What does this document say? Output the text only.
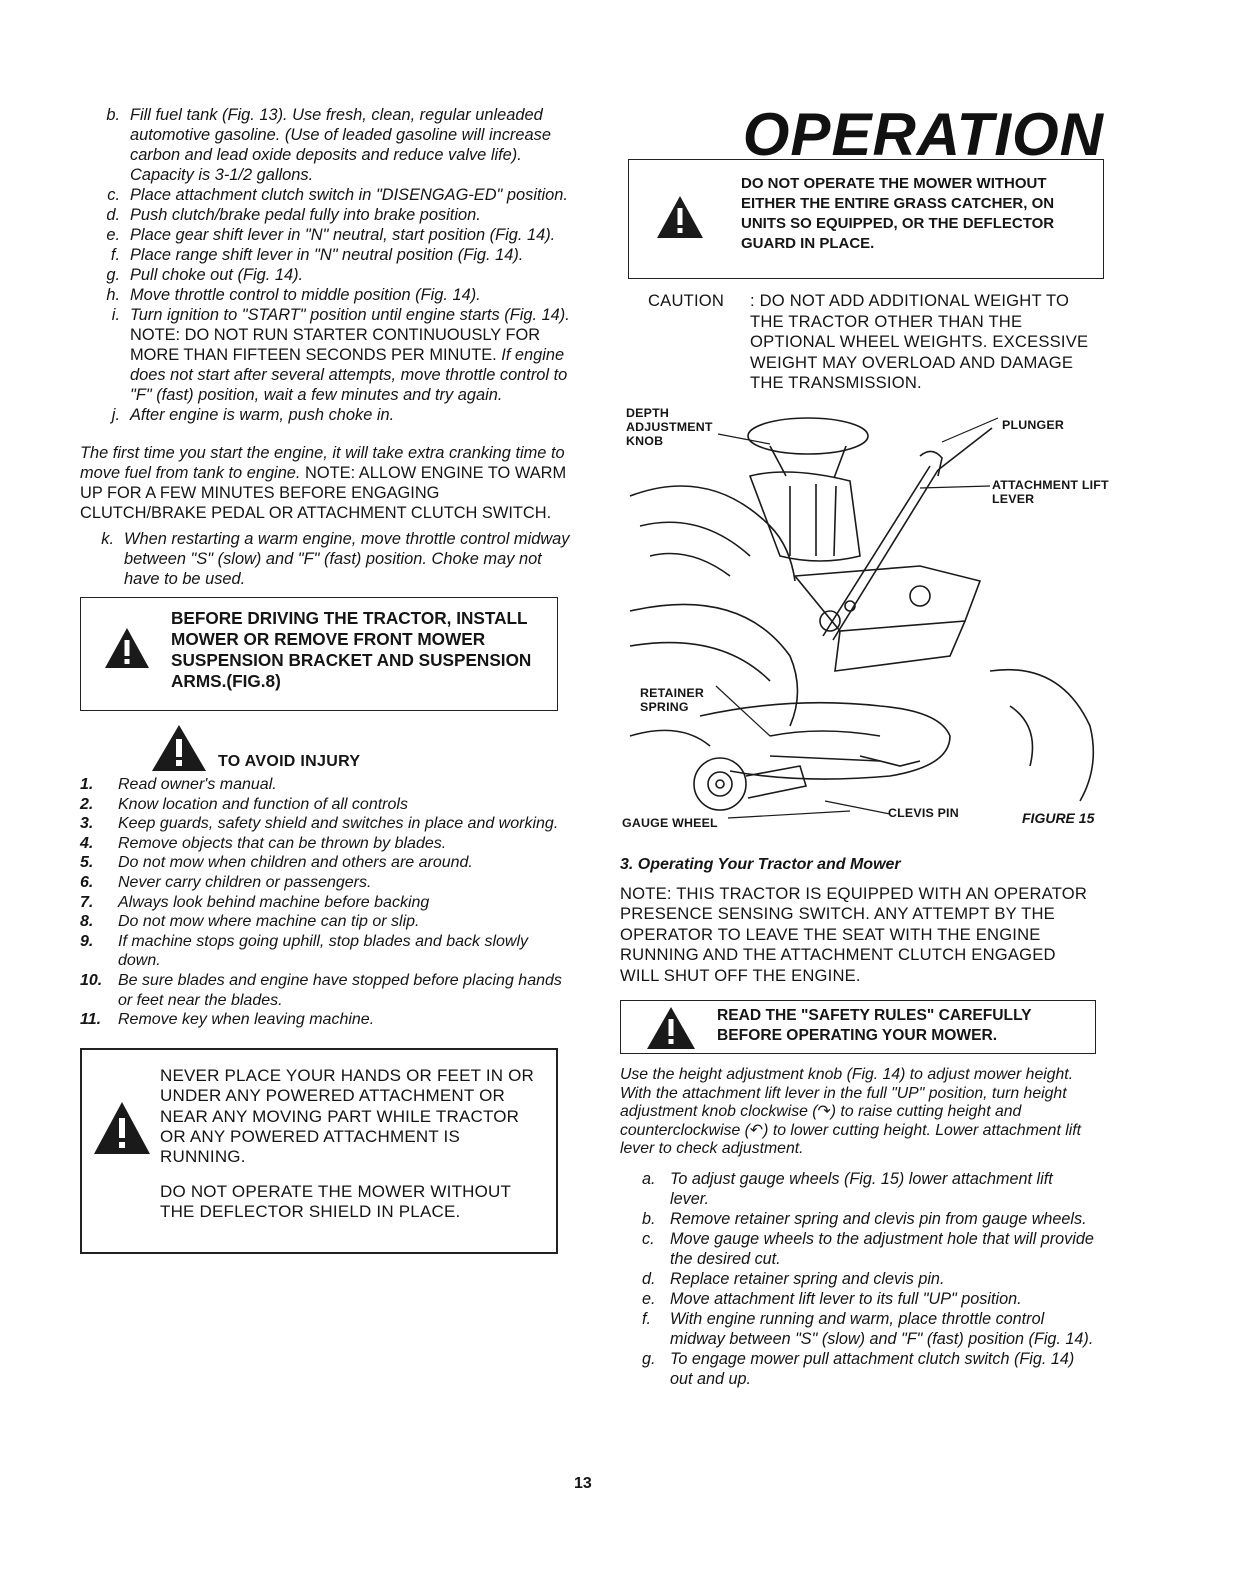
b. Fill fuel tank (Fig. 13). Use fresh, clean, regular unleaded automotive gasoline. (Use of leaded gasoline will increase carbon and lead oxide deposits and reduce valve life). Capacity is 3-1/2 gallons.
c. Place attachment clutch switch in "DISENGAG-ED" position.
d. Push clutch/brake pedal fully into brake position.
e. Place gear shift lever in "N" neutral, start position (Fig. 14).
f. Place range shift lever in "N" neutral position (Fig. 14).
g. Pull choke out (Fig. 14).
h. Move throttle control to middle position (Fig. 14).
i. Turn ignition to "START" position until engine starts (Fig. 14). NOTE: DO NOT RUN STARTER CONTINUOUSLY FOR MORE THAN FIFTEEN SECONDS PER MINUTE. If engine does not start after several attempts, move throttle control to "F" (fast) position, wait a few minutes and try again.
j. After engine is warm, push choke in.

The first time you start the engine, it will take extra cranking time to move fuel from tank to engine. NOTE: ALLOW ENGINE TO WARM UP FOR A FEW MINUTES BEFORE ENGAGING CLUTCH/BRAKE PEDAL OR ATTACHMENT CLUTCH SWITCH.

k. When restarting a warm engine, move throttle control midway between "S" (slow) and "F" (fast) position. Choke may not have to be used.
BEFORE DRIVING THE TRACTOR, INSTALL MOWER OR REMOVE FRONT MOWER SUSPENSION BRACKET AND SUSPENSION ARMS.(FIG.8)
TO AVOID INJURY
1.	Read owner's manual.
2.	Know location and function of all controls
3.	Keep guards, safety shield and switches in place and working.
4.	Remove objects that can be thrown by blades.
5.	Do not mow when children and others are around.
6.	Never carry children or passengers.
7.	Always look behind machine before backing
8.	Do not mow where machine can tip or slip.
9.	If machine stops going uphill, stop blades and back slowly down.
10. Be sure blades and engine have stopped before placing hands or feet near the blades.
11.	Remove key when leaving machine.
NEVER PLACE YOUR HANDS OR FEET IN OR UNDER ANY POWERED ATTACHMENT OR NEAR ANY MOVING PART WHILE TRACTOR OR ANY POWERED ATTACHMENT IS RUNNING.
DO NOT OPERATE THE MOWER WITHOUT THE DEFLECTOR SHIELD IN PLACE.
13
OPERATION
DO NOT OPERATE THE MOWER WITHOUT EITHER THE ENTIRE GRASS CATCHER, ON UNITS SO EQUIPPED, OR THE DEFLECTOR GUARD IN PLACE.
CAUTION	: DO NOT ADD ADDITIONAL WEIGHT TO THE TRACTOR OTHER THAN THE OPTIONAL WHEEL WEIGHTS. EXCESSIVE WEIGHT MAY OVERLOAD AND DAMAGE THE TRANSMISSION.
DEPTH ADJUSTMENT KNOB
PLUNGER
ATTACHMENT LIFT LEVER
RETAINER SPRING
GAUGE WHEEL
CLEVIS PIN	FIGURE 15
3. Operating Your Tractor and Mower
NOTE: THIS TRACTOR IS EQUIPPED WITH AN OPERATOR PRESENCE SENSING SWITCH. ANY ATTEMPT BY THE OPERATOR TO LEAVE THE SEAT WITH THE ENGINE RUNNING AND THE ATTACHMENT CLUTCH ENGAGED WILL SHUT OFF THE ENGINE.
READ THE "SAFETY RULES" CAREFULLY BEFORE OPERATING YOUR MOWER.
Use the height adjustment knob (Fig. 14) to adjust mower height. With the attachment lift lever in the full "UP" position, turn height adjustment knob clockwise (↷) to raise cutting height and counterclockwise (↶) to lower cutting height. Lower attachment lift lever to check adjustment.
a. To adjust gauge wheels (Fig. 15) lower attachment lift lever.
b. Remove retainer spring and clevis pin from gauge wheels.
c. Move gauge wheels to the adjustment hole that will provide the desired cut.
d. Replace retainer spring and clevis pin.
e. Move attachment lift lever to its full "UP" position.
f.	With engine running and warm, place throttle control midway between "S" (slow) and "F" (fast) position (Fig. 14).
g. To engage mower pull attachment clutch switch (Fig. 14) out and up.
